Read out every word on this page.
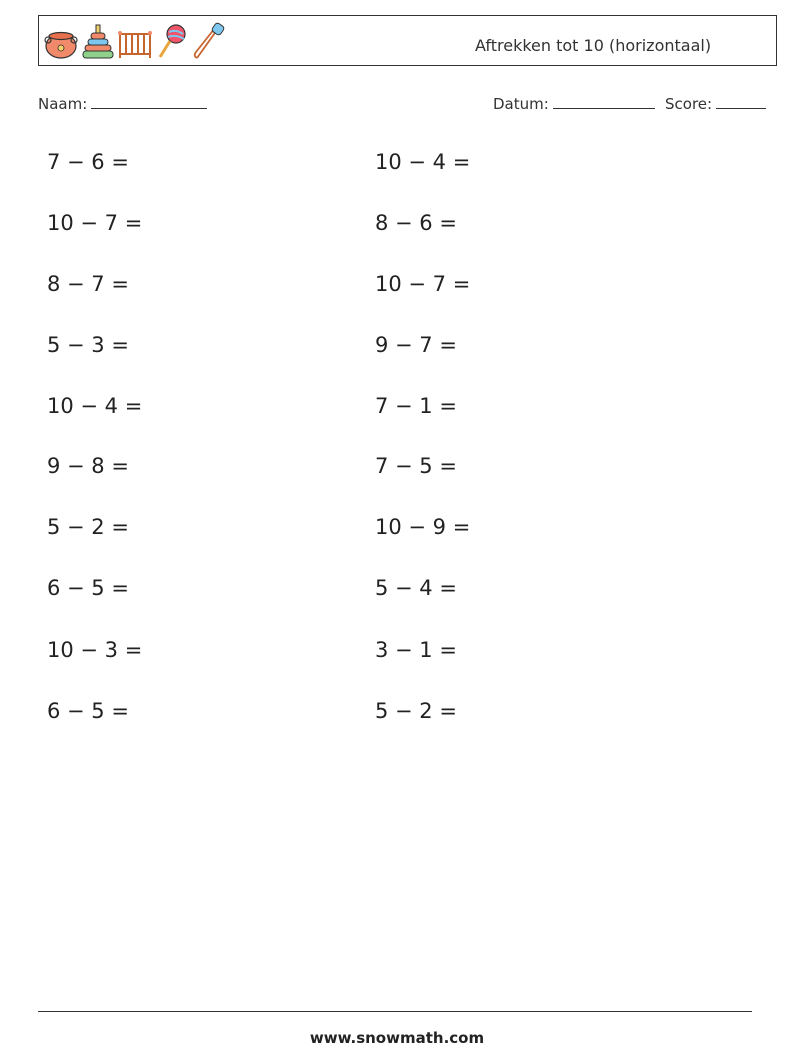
Aftrekken tot 10 (horizontaal)
Naam:	Datum:	Score:
7 − 6 =
10 − 7 =
8 − 7 =
5 − 3 =
10 − 4 =
9 − 8 =
5 − 2 =
6 − 5 =
10 − 3 =
6 − 5 =
10 − 4 =
8 − 6 =
10 − 7 =
9 − 7 =
7 − 1 =
7 − 5 =
10 − 9 =
5 − 4 =
3 − 1 =
5 − 2 =
www.snowmath.com
